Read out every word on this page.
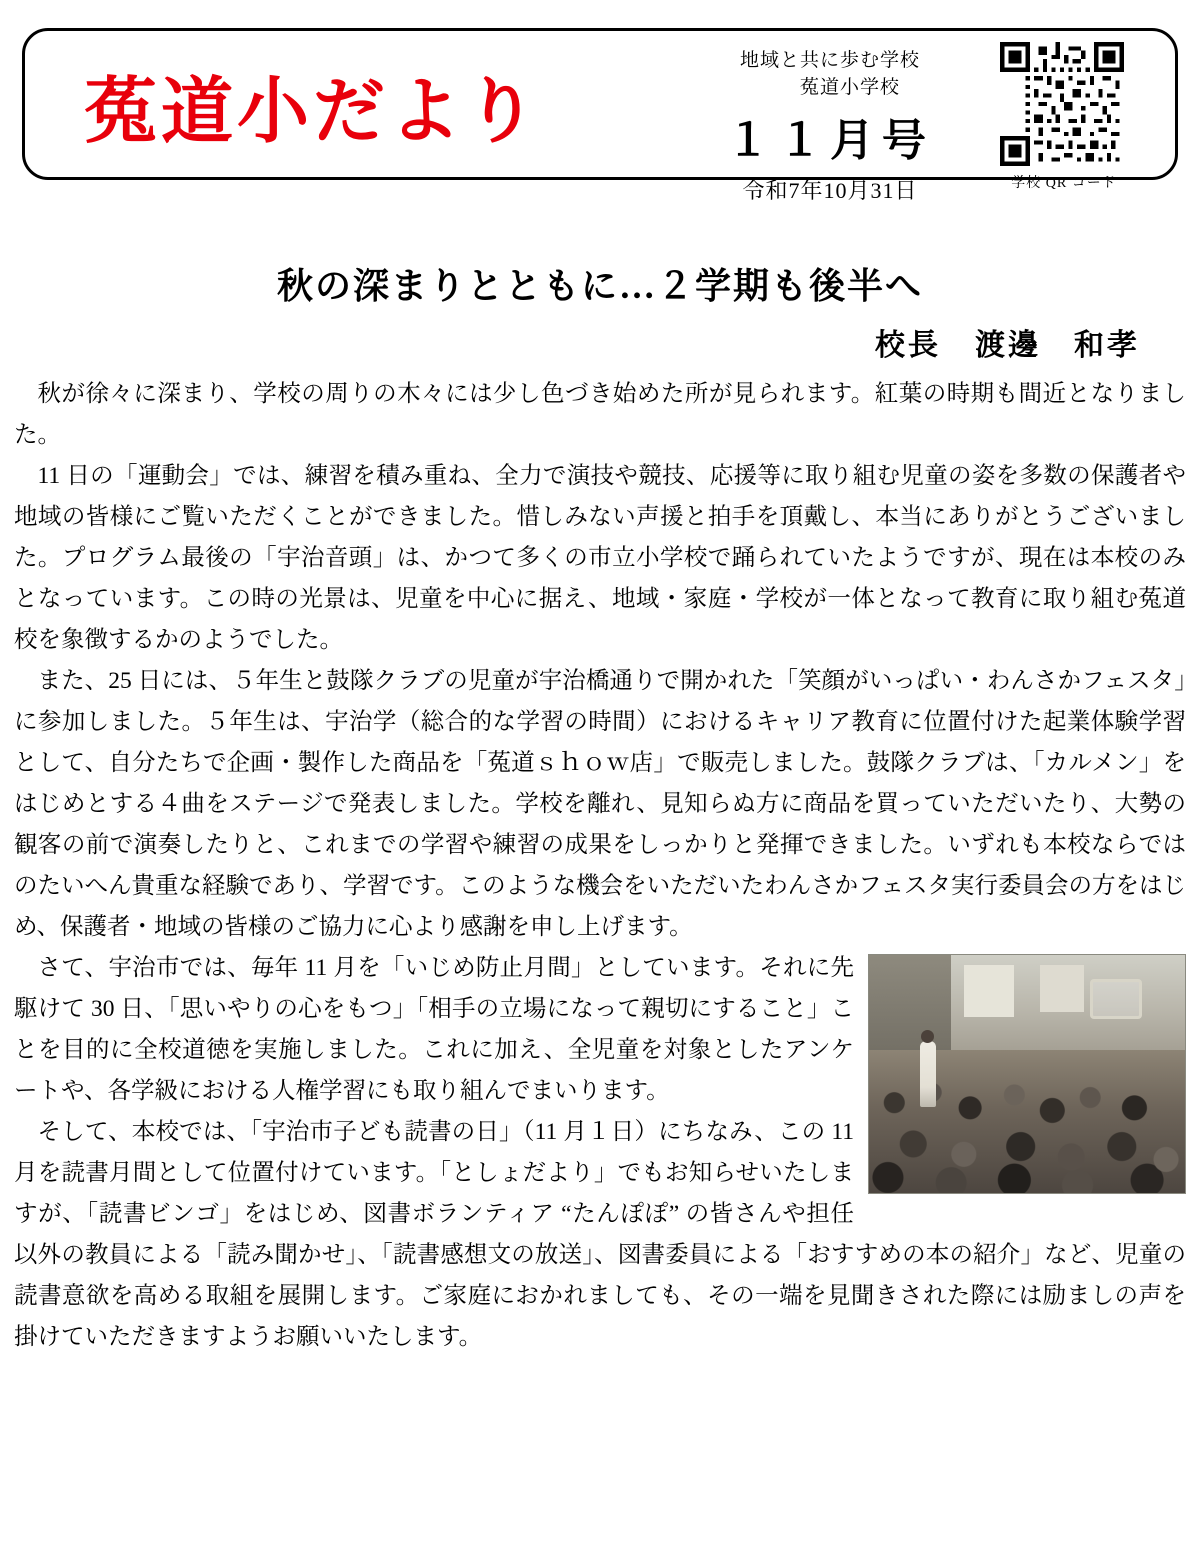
菟道小だより
地域と共に歩む学校
菟道小学校
１１月号
令和7年10月31日	学校 QR コード
秋の深まりとともに…２学期も後半へ
校長 渡邊　和孝

秋が徐々に深まり、学校の周りの木々には少し色づき始めた所が見られます。紅葉の時期も間近となりました。

11 日の「運動会」では、練習を積み重ね、全力で演技や競技、応援等に取り組む児童の姿を多数の保護者や地域の皆様にご覧いただくことができました。惜しみない声援と拍手を頂戴し、本当にありがとうございました。プログラム最後の「宇治音頭」は、かつて多くの市立小学校で踊られていたようですが、現在は本校のみとなっています。この時の光景は、児童を中心に据え、地域・家庭・学校が一体となって教育に取り組む菟道校を象徴するかのようでした。

また、25 日には、５年生と鼓隊クラブの児童が宇治橋通りで開かれた「笑顔がいっぱい・わんさかフェスタ」に参加しました。５年生は、宇治学（総合的な学習の時間）におけるキャリア教育に位置付けた起業体験学習として、自分たちで企画・製作した商品を「菟道ｓｈｏｗ店」で販売しました。鼓隊クラブは、「カルメン」をはじめとする４曲をステージで発表しました。学校を離れ、見知らぬ方に商品を買っていただいたり、大勢の観客の前で演奏したりと、これまでの学習や練習の成果をしっかりと発揮できました。いずれも本校ならではのたいへん貴重な経験であり、学習です。このような機会をいただいたわんさかフェスタ実行委員会の方をはじめ、保護者・地域の皆様のご協力に心より感謝を申し上げます。

さて、宇治市では、毎年 11 月を「いじめ防止月間」としています。それに先駆けて 30 日、「思いやりの心をもつ」「相手の立場になって親切にすること」ことを目的に全校道徳を実施しました。これに加え、全児童を対象としたアンケートや、各学級における人権学習にも取り組んでまいります。

そして、本校では、「宇治市子ども読書の日」（11 月１日）にちなみ、この 11 月を読書月間として位置付けています。「としょだより」でもお知らせいたしますが、「読書ビンゴ」をはじめ、図書ボランティア “たんぽぽ” の皆さんや担任以外の教員による「読み聞かせ」、「読書感想文の放送」、図書委員による「おすすめの本の紹介」など、児童の読書意欲を高める取組を展開します。ご家庭におかれましても、その一端を見聞きされた際には励ましの声を掛けていただきますようお願いいたします。
